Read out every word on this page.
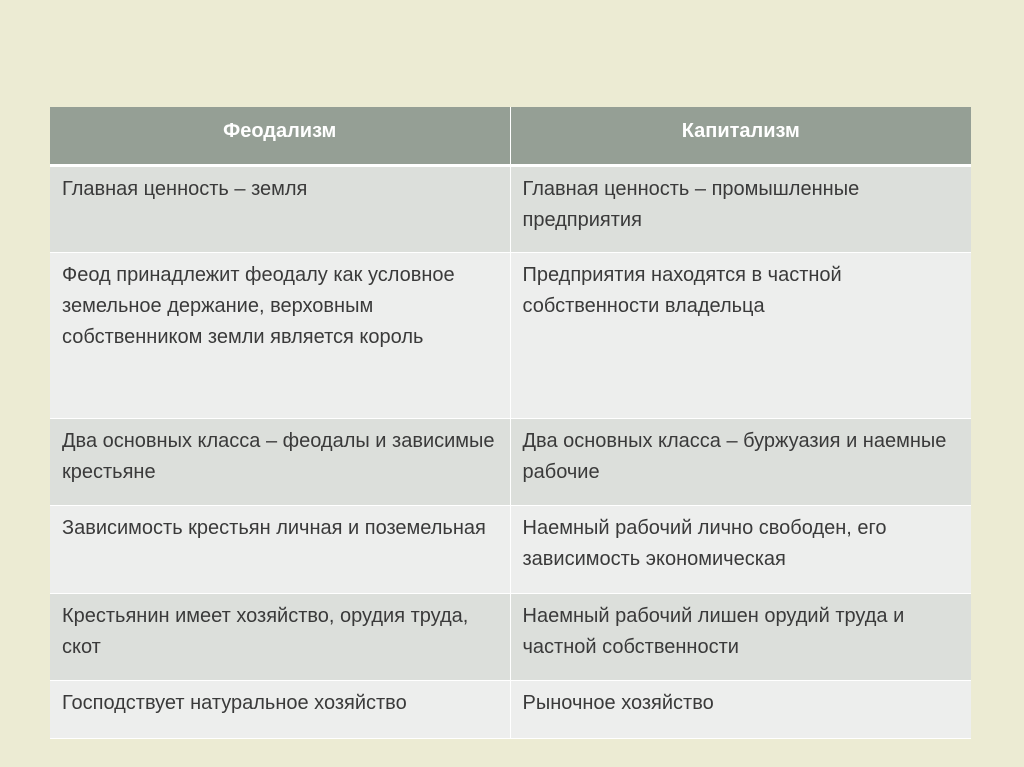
Феодализм	Капитализм
Главная ценность – земля	Главная ценность – промышленные предприятия
Феод принадлежит феодалу как условное земельное держание, верховным собственником земли является король	Предприятия находятся в частной собственности владельца
Два основных класса – феодалы и зависимые крестьяне	Два основных класса – буржуазия и наемные рабочие
Зависимость крестьян личная и поземельная	Наемный рабочий лично свободен, его зависимость экономическая
Крестьянин имеет хозяйство, орудия труда, скот	Наемный рабочий лишен орудий труда и частной собственности
Господствует натуральное хозяйство	Рыночное хозяйство
